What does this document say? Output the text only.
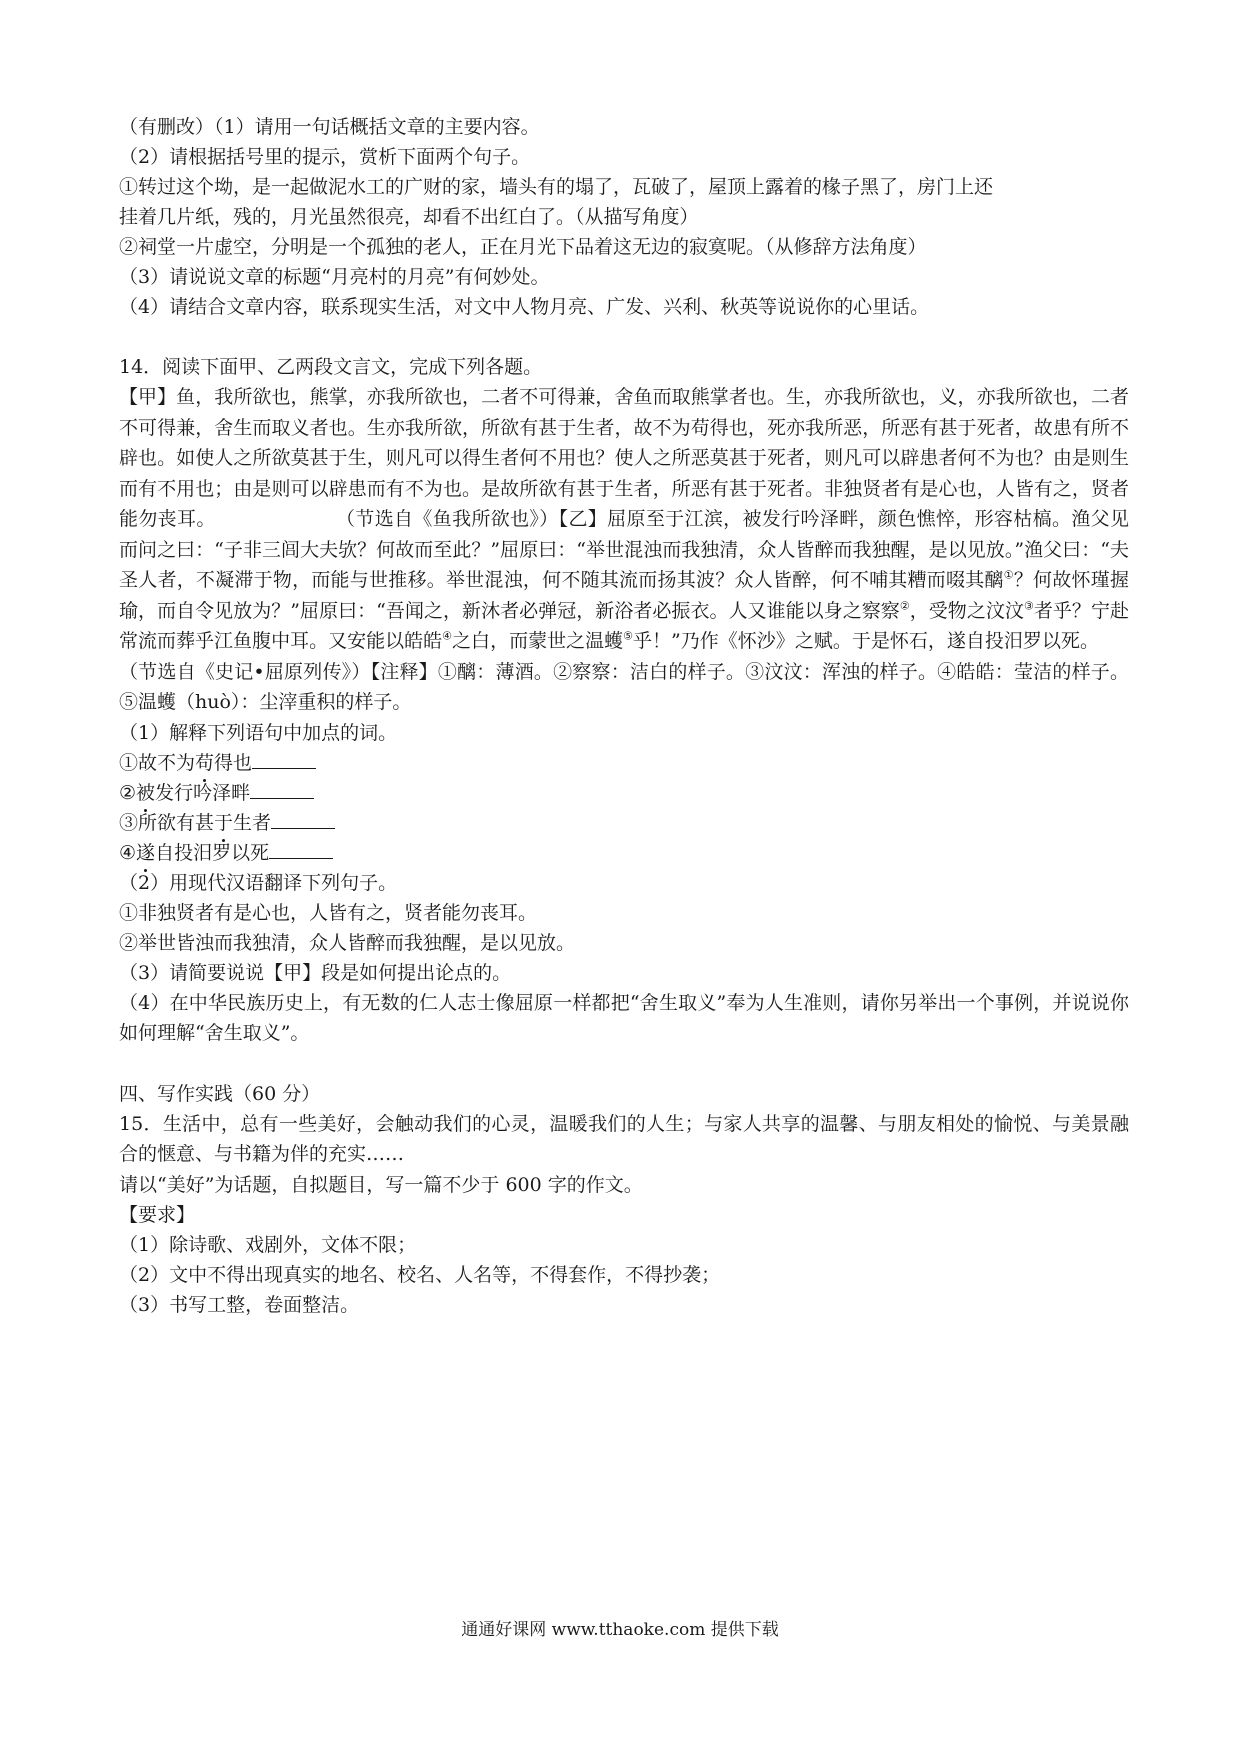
（有删改）（1）请用一句话概括文章的主要内容。
（2）请根据括号里的提示，赏析下面两个句子。
①转过这个坳，是一起做泥水工的广财的家，墙头有的塌了，瓦破了，屋顶上露着的椽子黑了，房门上还
挂着几片纸，残的，月光虽然很亮，却看不出红白了。（从描写角度）
②祠堂一片虚空，分明是一个孤独的老人，正在月光下品着这无边的寂寞呢。（从修辞方法角度）
（3）请说说文章的标题“月亮村的月亮”有何妙处。
（4）请结合文章内容，联系现实生活，对文中人物月亮、广发、兴利、秋英等说说你的心里话。
14．阅读下面甲、乙两段文言文，完成下列各题。
【甲】鱼，我所欲也，熊掌，亦我所欲也，二者不可得兼，舍鱼而取熊掌者也。生，亦我所欲也，义，亦我所欲也，二者不可得兼，舍生而取义者也。生亦我所欲，所欲有甚于生者，故不为苟得也，死亦我所恶，所恶有甚于死者，故患有所不辟也。如使人之所欲莫甚于生，则凡可以得生者何不用也？使人之所恶莫甚于死者，则凡可以辟患者何不为也？由是则生而有不用也；由是则可以辟患而有不为也。是故所欲有甚于生者，所恶有甚于死者。非独贤者有是心也，人皆有之，贤者能勿丧耳。	（节选自《鱼我所欲也》）【乙】屈原至于江滨，被发行吟泽畔，颜色憔悴，形容枯槁。渔父见而问之曰：“子非三闾大夫欤？何故而至此？”屈原曰：“举世混浊而我独清，众人皆醉而我独醒，是以见放。”渔父曰：“夫圣人者，不凝滞于物，而能与世推移。举世混浊，何不随其流而扬其波？众人皆醉，何不哺其糟而啜其醨①？何故怀瑾握瑜，而自令见放为？”屈原曰：“吾闻之，新沐者必弹冠，新浴者必振衣。人又谁能以身之察察②，受物之汶汶③者乎？宁赴常流而葬乎江鱼腹中耳。又安能以皓皓④之白，而蒙世之温蠖⑤乎！”乃作《怀沙》之赋。于是怀石，遂自投汨罗以死。（节选自《史记•屈原列传》）【注释】①醨：薄酒。②察察：洁白的样子。③汶汶：浑浊的样子。④皓皓：莹洁的样子。⑤温蠖（huò）：尘滓重积的样子。
（1）解释下列语句中加点的词。
①故不为苟得也
②被发行吟泽畔
③所欲有甚于生者
④遂自投汨罗以死
（2）用现代汉语翻译下列句子。
①非独贤者有是心也，人皆有之，贤者能勿丧耳。
②举世皆浊而我独清，众人皆醉而我独醒，是以见放。
（3）请简要说说【甲】段是如何提出论点的。
（4）在中华民族历史上，有无数的仁人志士像屈原一样都把“舍生取义”奉为人生准则，请你另举出一个事例，并说说你如何理解“舍生取义”。
四、写作实践（60 分）
15．生活中，总有一些美好，会触动我们的心灵，温暖我们的人生；与家人共享的温馨、与朋友相处的愉悦、与美景融合的惬意、与书籍为伴的充实……
请以“美好”为话题，自拟题目，写一篇不少于 600 字的作文。
【要求】
（1）除诗歌、戏剧外，文体不限；
（2）文中不得出现真实的地名、校名、人名等，不得套作，不得抄袭；
（3）书写工整，卷面整洁。
通通好课网 www.tthaoke.com 提供下载
